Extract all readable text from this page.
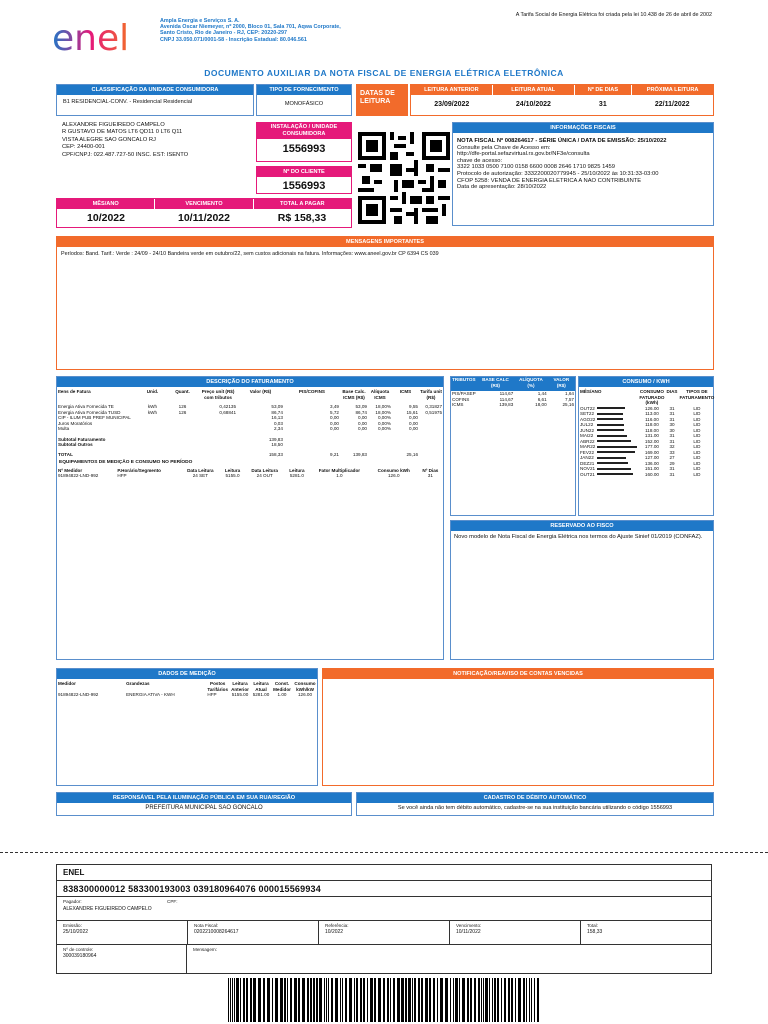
enel	Ampla Energia e Serviços S. A.
Avenida Oscar Niemeyer, nº 2000, Bloco 01, Sala 701, Aqwa Corporate,
Santo Cristo, Rio de Janeiro - RJ, CEP: 20220-297
CNPJ 33.050.071/0001-58 - Inscrição Estadual: 80.046.561
A Tarifa Social de Energia Elétrica foi criada pela lei 10.438 de 26 de abril de 2002
DOCUMENTO AUXILIAR DA NOTA FISCAL DE ENERGIA ELÉTRICA ELETRÔNICA
CLASSIFICAÇÃO DA UNIDADE CONSUMIDORA
B1 RESIDENCIAL-CONV. - Residencial Residencial
TIPO DE FORNECIMENTO
MONOFÁSICO
DATAS DE LEITURA
LEITURA ANTERIOR	LEITURA ATUAL	Nº DE DIAS	PRÓXIMA LEITURA
23/09/2022	24/10/2022	31	22/11/2022
ALEXANDRE FIGUEIREDO CAMPELO
R GUSTAVO DE MATOS LT6 QD11 0 LT6 Q11
VISTA ALEGRE SAO GONCALO RJ
CEP: 24400-001
CPF/CNPJ: 022.487.727-50 INSC. EST: ISENTO
INSTALAÇÃO / UNIDADE CONSUMIDORA
1556993
Nº DO CLIENTE
1556993
INFORMAÇÕES FISCAIS
NOTA FISCAL Nº 008264617 - SÉRIE ÚNICA / DATA DE EMISSÃO: 25/10/2022
Consulte pela Chave de Acesso em:
http://dfe-portal.sefazvirtual.rs.gov.br/NF3e/consulta
chave de acesso:
3322 1033 0500 7100 0158 6600 0008 2646 1710 9825 1459
Protocolo de autorização: 3332200020779945 - 25/10/2022 às 10:31:33-03:00
CFOP 5258: VENDA DE ENERGIA ELETRICA A NAO CONTRIBUINTE
Data de apresentação: 28/10/2022
MÊS/ANO	VENCIMENTO	TOTAL A PAGAR
10/2022	10/11/2022	R$ 158,33
MENSAGENS IMPORTANTES
Períodos: Band. Tarif.: Verde : 24/09 - 24/10 Bandeira verde em outubro/22, sem custos adicionais na fatura. Informações: www.aneel.gov.br CP 6394 CS 039
DESCRIÇÃO DO FATURAMENTO
Itens de Fatura	Unid.	Quant.	Preço unit (R$) com tributos	Valor (R$)	PIS/COFINS	Base Calc. ICMS (R$)	Alíquota ICMS	ICMS	Tarifa unit (R$)

Energia Ativa Fornecida TE	kWh	126	0,42135	53,09	3,49	53,09	18,00%	9,55	0,31827
Energia Ativa Fornecida TUSD	kWh	126	0,68841	86,74	5,72	86,74	18,00%	15,61	0,51975
CIP - ILUM PUB PREF MUNICIPAL				16,13	0,00	0,00	0,00%	0,00	
Juros Moratórios				0,03	0,00	0,00	0,00%	0,00	
Multa				2,34	0,00	0,00	0,00%	0,00	

Subtotal Faturamento				139,83					
Subtotal Outros				18,50					

TOTAL				158,33	9,21	139,83		25,16	
EQUIPAMENTOS DE MEDIÇÃO E CONSUMO NO PERÍODO
Nº Medidor	P.Horário/Segmento	Data Leitura	Leitura	Data Leitura	Leitura	Fator Multiplicador	Consumo kWh	Nº Dias
91894822-LND-992	HFP	24 SET	5155.0	24 OUT	5281.0	1.0	126.0	31
TRIBUTOS	BASE CALC (R$)	ALÍQUOTA (%)	VALOR (R$)
PIS/PASEP	114,67	1,44	1,64
COFINS	114,67	6,61	7,57
ICMS	139,83	18,00	25,16
CONSUMO / KWH
MÊS/ANO		CONSUMO FATURADO (kWh)	DIAS	TIPOS DE FATURAMENTO
OUT22		126.00	31	LID
SET22		113.00	31	LID
AGO22		116.00	31	LID
JUL22		118.00	30	LID
JUN22		118.00	30	LID
MAI22		131.00	31	LID
ABR22		152.00	31	LID
MAR22		177.00	32	LID
FEV22		169.00	33	LID
JAN22		127.00	27	LID
DEZ21		136.00	29	LID
NOV21		151.00	31	LID
OUT21		160.00	31	LID
RESERVADO AO FISCO
Novo modelo de Nota Fiscal de Energia Elétrica nos termos do Ajuste Sinief 01/2019 (CONFAZ).
DADOS DE MEDIÇÃO
Medidor	Grandezas	Postos Tarifários	Leitura Anterior	Leitura Atual	Const. Medidor	Consumo kWh/kW
91894822-LND-992	ENERGIA ATIVA - KWH	HFP	5155.00	5281.00	1.00	126.00
NOTIFICAÇÃO/REAVISO DE CONTAS VENCIDAS
RESPONSÁVEL PELA ILUMINAÇÃO PÚBLICA EM SUA RUA/REGIÃO
PREFEITURA MUNICIPAL SAO GONCALO
CADASTRO DE DÉBITO AUTOMÁTICO
Se você ainda não tem débito automático, cadastre-se na sua instituição bancária utilizando o código 1556993
ENEL
838300000012 583300193003 039180964076 000015569934
Pagador:	CPF:
ALEXANDRE FIGUEIREDO CAMPELO
Emissão:
25/10/2022
Nota Fiscal:
0202210008264617
Referência:
10/2022
Vencimento:
10/11/2022
Total:
158,33
Nº de controle:
300039180964
Mensagem:
